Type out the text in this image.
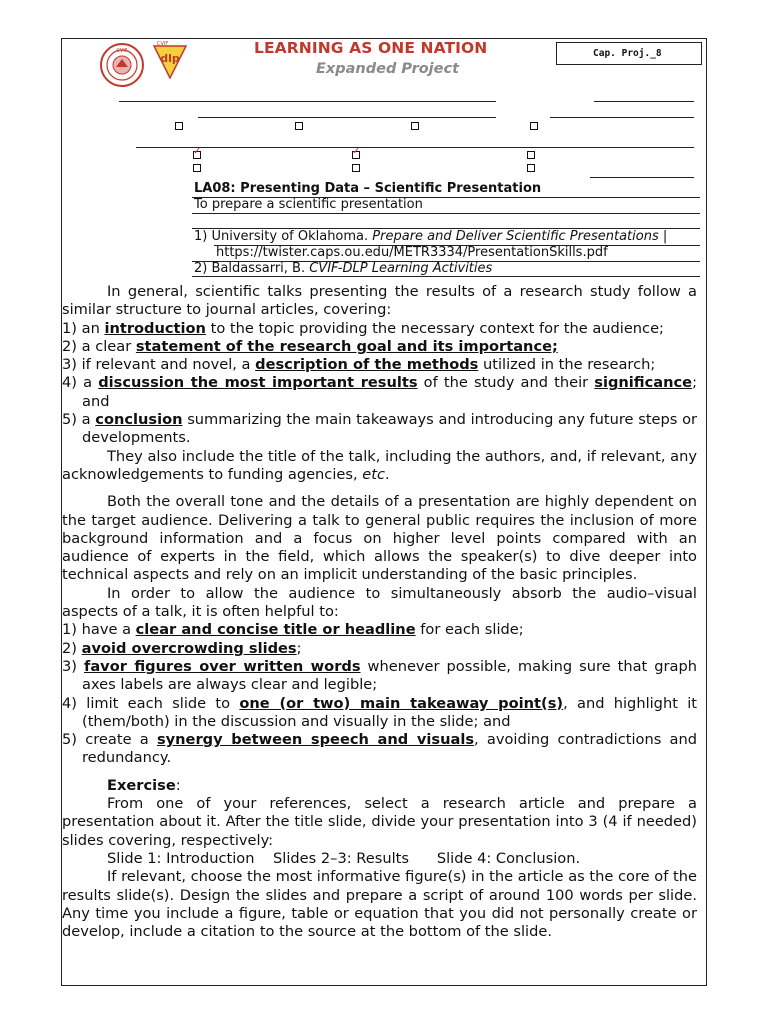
CVIF
dlp
CVIF	LEARNING AS ONE NATION
Expanded Project
Cap. Proj._8
✓
✓
LA08: Presenting Data – Scientific Presentation
To prepare a scientific presentation
1) University of Oklahoma. Prepare and Deliver Scientific Presentations |
https://twister.caps.ou.edu/METR3334/PresentationSkills.pdf
2) Baldassarri, B. CVIF-DLP Learning Activities

In general, scientific talks presenting the results of a research study follow a similar structure to journal articles, covering:

1) an introduction to the topic providing the necessary context for the audience;

2) a clear statement of the research goal and its importance;

3) if relevant and novel, a description of the methods utilized in the research;

4) a discussion the most important results of the study and their significance; and

5) a conclusion summarizing the main takeaways and introducing any future steps or developments.

They also include the title of the talk, including the authors, and, if relevant, any acknowledgements to funding agencies, etc.

Both the overall tone and the details of a presentation are highly dependent on the target audience. Delivering a talk to general public requires the inclusion of more background information and a focus on higher level points compared with an audience of experts in the field, which allows the speaker(s) to dive deeper into technical aspects and rely on an implicit understanding of the basic principles.

In order to allow the audience to simultaneously absorb the audio–visual aspects of a talk, it is often helpful to:

1) have a clear and concise title or headline for each slide;

2) avoid overcrowding slides;

3) favor figures over written words whenever possible, making sure that graph axes labels are always clear and legible;

4) limit each slide to one (or two) main takeaway point(s), and highlight it (them/both) in the discussion and visually in the slide; and

5) create a synergy between speech and visuals, avoiding contradictions and redundancy.

Exercise:

From one of your references, select a research article and prepare a presentation about it. After the title slide, divide your presentation into 3 (4 if needed) slides covering, respectively:

Slide 1: Introduction    Slides 2–3: Results      Slide 4: Conclusion.

If relevant, choose the most informative figure(s) in the article as the core of the results slide(s). Design the slides and prepare a script of around 100 words per slide. Any time you include a figure, table or equation that you did not personally create or develop, include a citation to the source at the bottom of the slide.
